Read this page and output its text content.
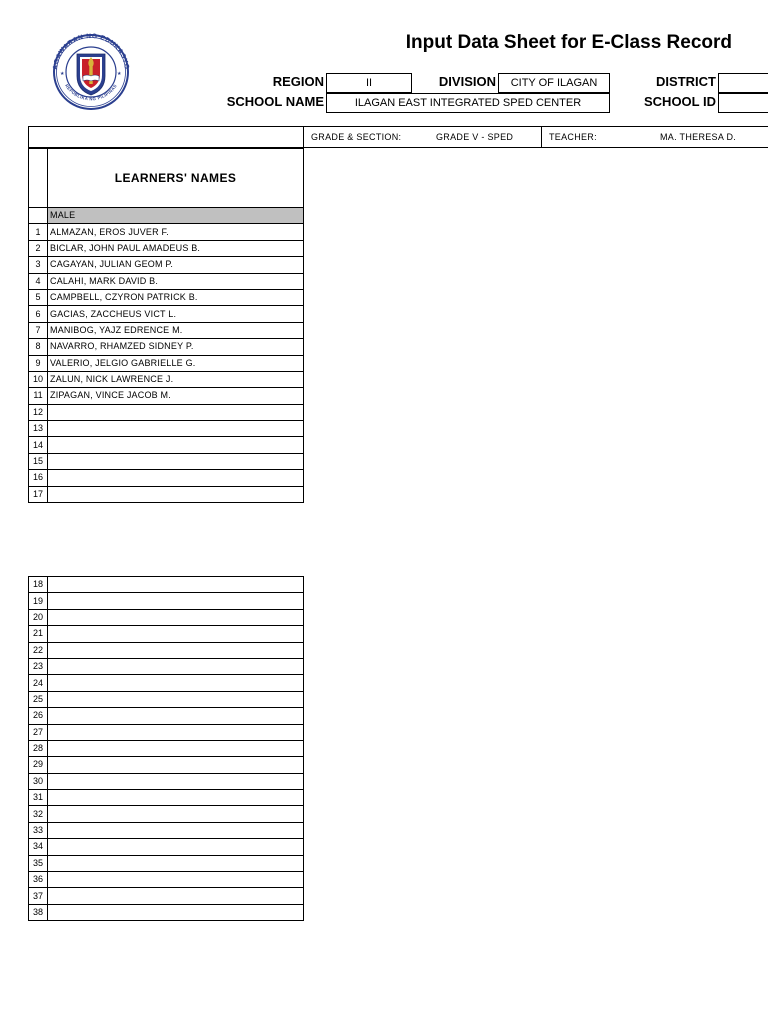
AGAWARAN NG EDUKASYO
REPUBLIKA NG PILIPINAS
★	★
Input Data Sheet for E-Class Record
REGION	II	DIVISION	CITY OF ILAGAN	DISTRICT
SCHOOL NAME	ILAGAN EAST INTEGRATED SPED CENTER	SCHOOL ID
GRADE & SECTION:	GRADE V - SPED	TEACHER:	MA. THERESA D.
	LEARNERS' NAMES
	MALE
1	ALMAZAN, EROS JUVER F.
2	BICLAR, JOHN PAUL AMADEUS B.
3	CAGAYAN, JULIAN GEOM P.
4	CALAHI, MARK DAVID B.
5	CAMPBELL, CZYRON PATRICK B.
6	GACIAS, ZACCHEUS VICT L.
7	MANIBOG, YAJZ EDRENCE M.
8	NAVARRO, RHAMZED SIDNEY P.
9	VALERIO, JELGIO GABRIELLE G.
10	ZALUN, NICK LAWRENCE J.
11	ZIPAGAN, VINCE JACOB M.
12	
13	
14	
15	
16	
17	
18	
19	
20	
21	
22	
23	
24	
25	
26	
27	
28	
29	
30	
31	
32	
33	
34	
35	
36	
37	
38	
